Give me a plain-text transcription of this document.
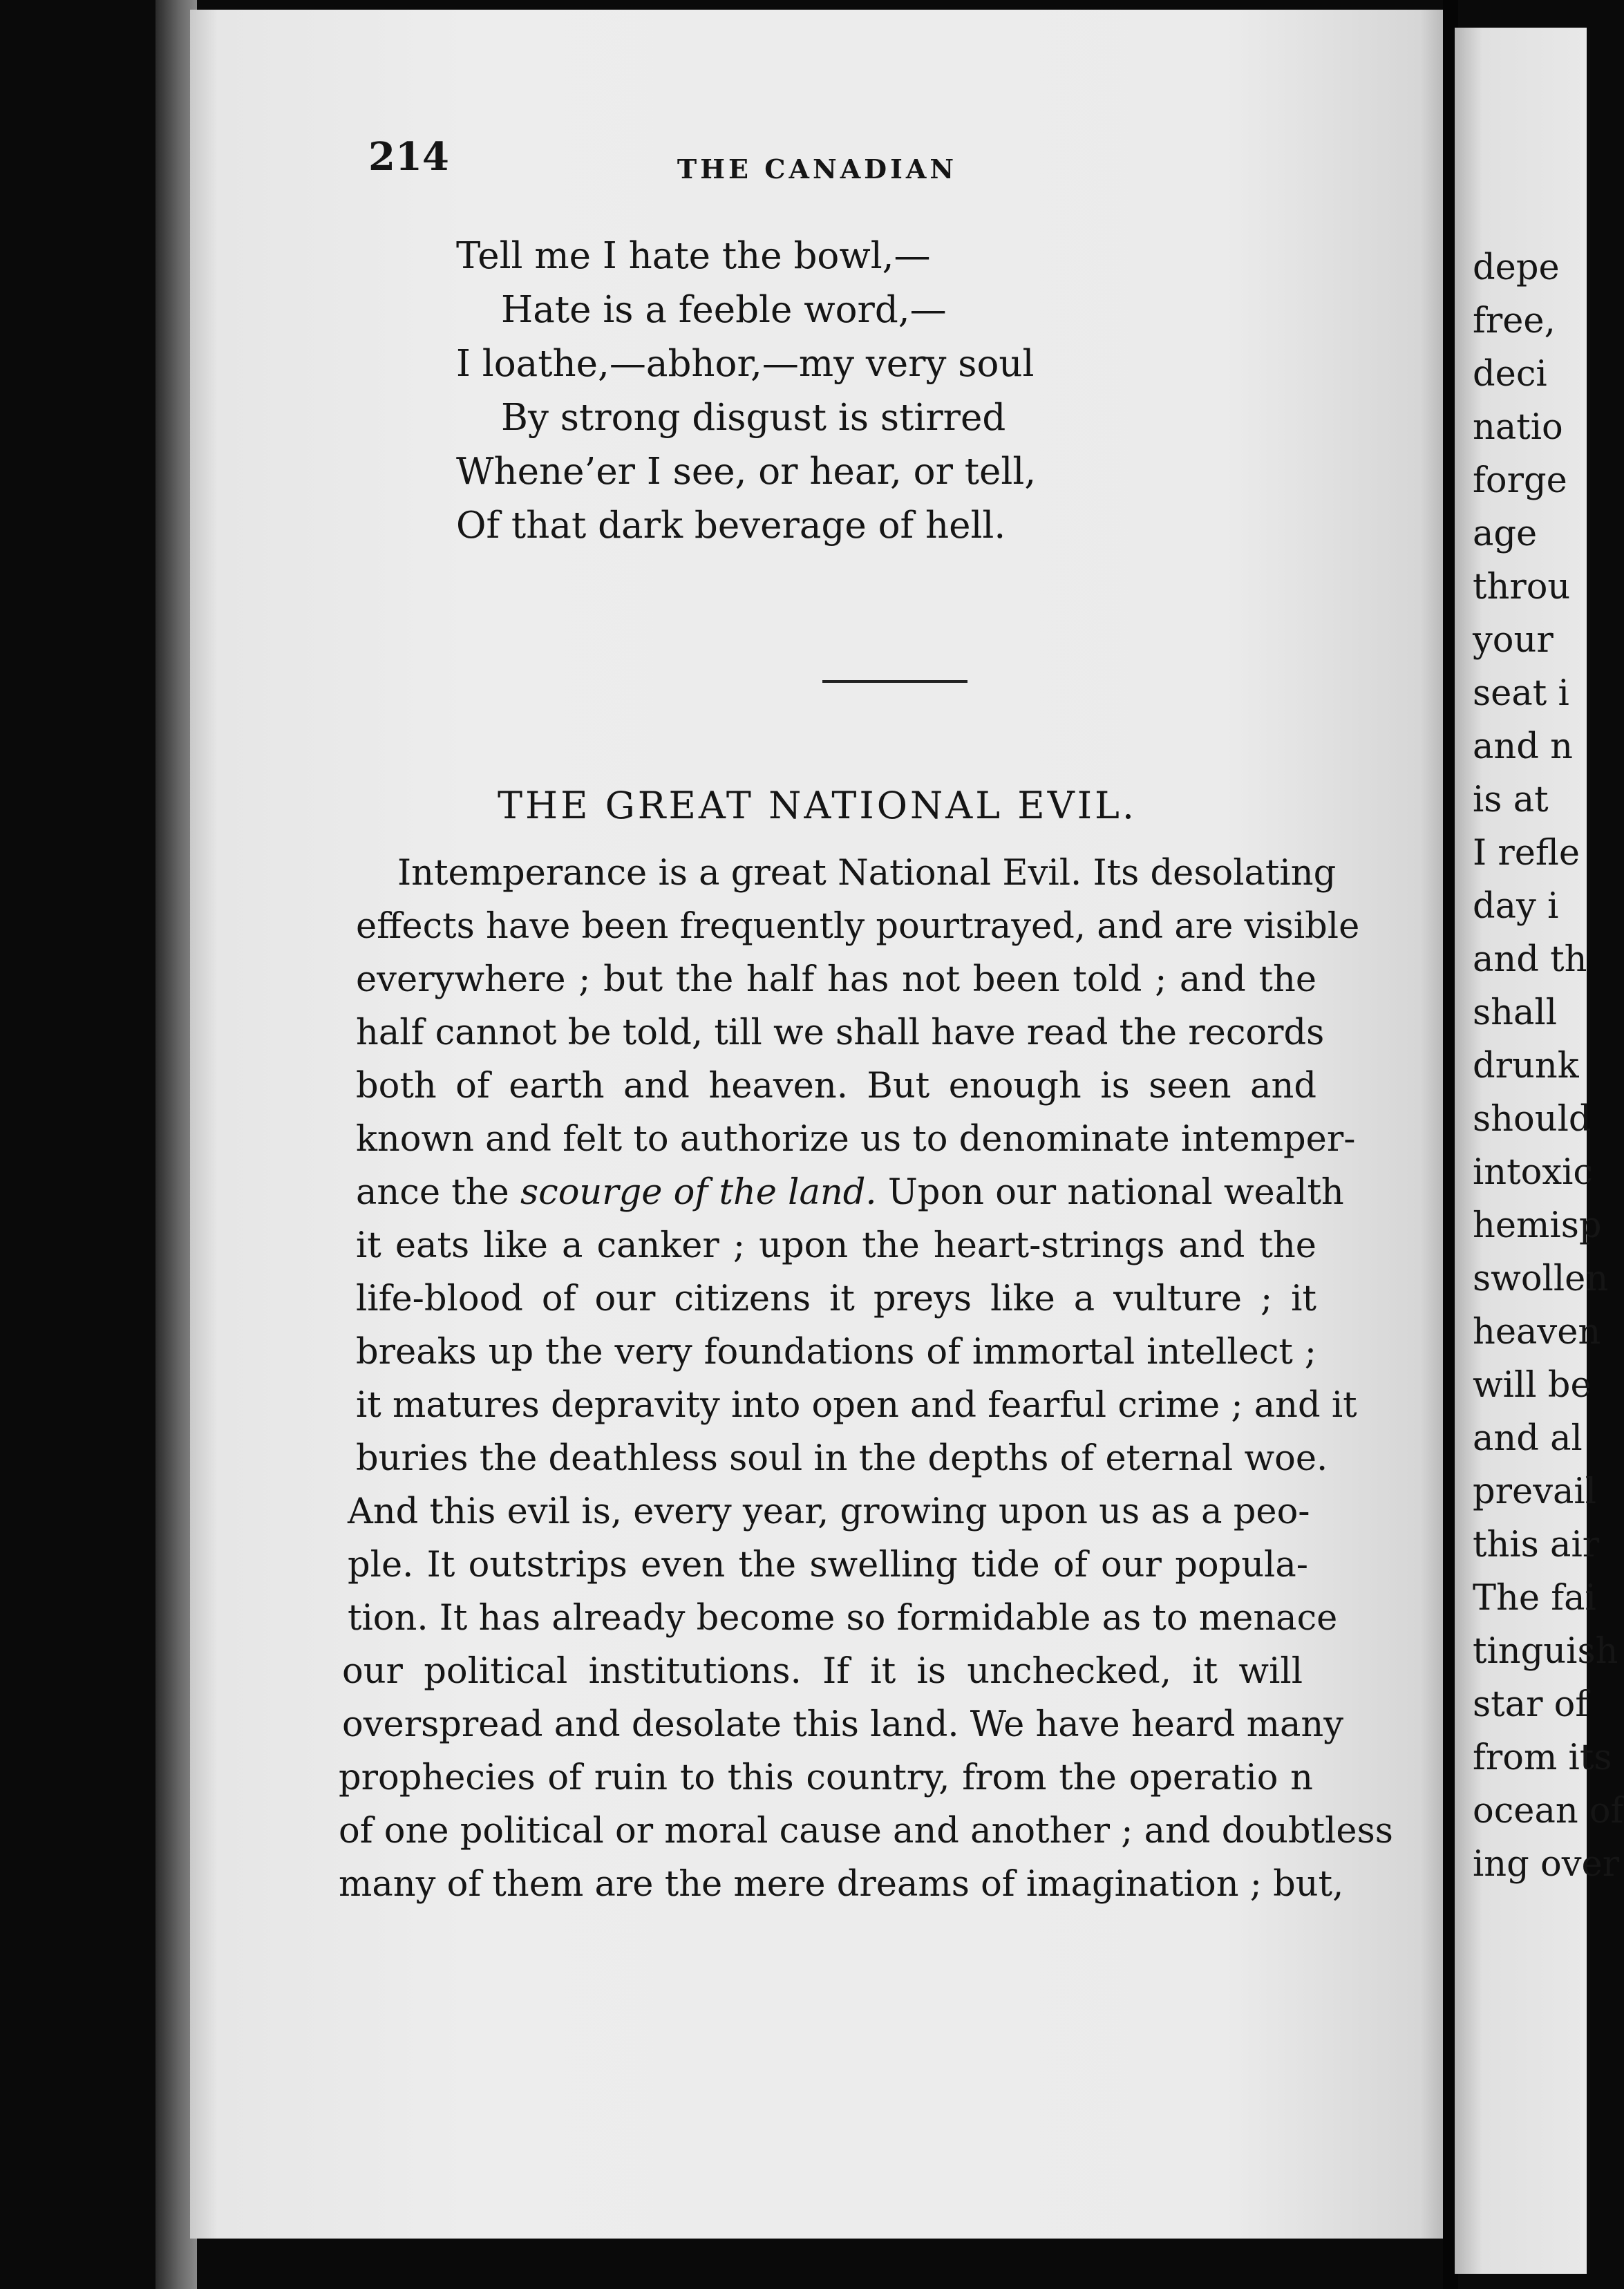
214	THE CANADIAN
Tell me I hate the bowl,—
Hate is a feeble word,—
I loathe,—abhor,—my very soul
By strong disgust is stirred
Whene’er I see, or hear, or tell,
Of that dark beverage of hell.
THE GREAT NATIONAL EVIL.
Intemperance is a great National Evil. Its desolating
effects have been frequently pourtrayed, and are visible
everywhere ; but the half has not been told ; and the
half cannot be told, till we shall have read the records
both of earth and heaven. But enough is seen and
known and felt to authorize us to denominate intemper-
ance the scourge of the land. Upon our national wealth
it eats like a canker ; upon the heart-strings and the
life-blood of our citizens it preys like a vulture ; it
breaks up the very foundations of immortal intellect ;
it matures depravity into open and fearful crime ; and it
buries the deathless soul in the depths of eternal woe.
And this evil is, every year, growing upon us as a peo-
ple. It outstrips even the swelling tide of our popula-
tion. It has already become so formidable as to menace
our political institutions. If it is unchecked, it will
overspread and desolate this land. We have heard many
prophecies of ruin to this country, from the operatio n
of one political or moral cause and another ; and doubtless
many of them are the mere dreams of imagination ; but,
depe
free,
deci
natio
forge
age
throu
your
seat i
and n
is at
I refle
day i
and th
shall
drunk
should
intoxic
hemisp
swollen
heaven
will be
and al
prevail
this air
The fai
tinguish
star of
from its
ocean of
ing over
